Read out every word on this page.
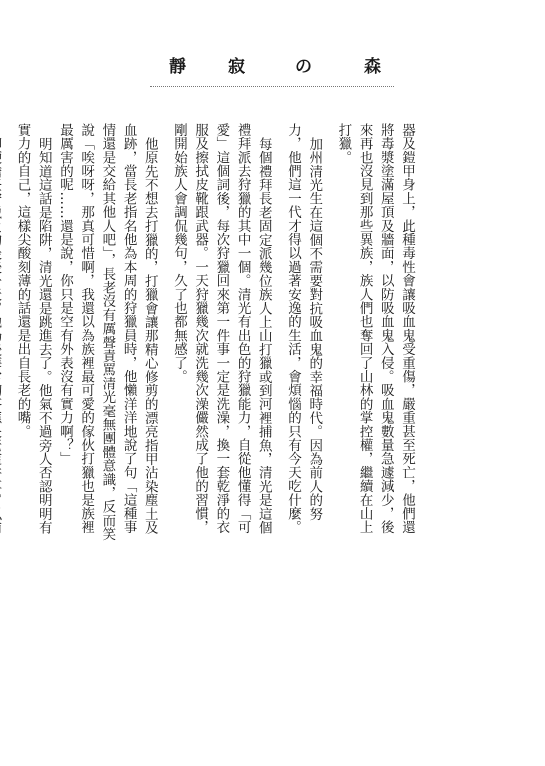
靜 寂	の	森

器及鎧甲身上，此種毒性會讓吸血鬼受重傷，嚴重甚至死亡，他們還將毒漿塗滿屋頂及牆面，以防吸血鬼入侵。吸血鬼數量急遽減少，後來再也沒見到那些異族，族人們也奪回了山林的掌控權，繼續在山上打獵。

加州清光生在這個不需要對抗吸血鬼的幸福時代。因為前人的努力，他們這一代才得以過著安逸的生活，會煩惱的只有今天吃什麼。

每個禮拜長老固定派幾位族人上山打獵或到河裡捕魚，清光是這個禮拜派去狩獵的其中一個。清光有出色的狩獵能力，自從他懂得「可愛」這個詞後，每次狩獵回來第一件事一定是洗澡，換一套乾淨的衣服及擦拭皮靴跟武器。一天狩獵幾次就洗幾次澡儼然成了他的習慣，剛開始族人會調侃幾句，久了也都無感了。

他原先不想去打獵的，打獵會讓那精心修剪的漂亮指甲沾染塵土及血跡，當長老指名他為本周的狩獵員時，他懶洋洋地說了句「這種事情還是交給其他人吧」，長老沒有厲聲責罵清光毫無團體意識，反而笑說「唉呀呀，那真可惜啊，我還以為族裡最可愛的傢伙打獵也是族裡最厲害的呢……還是說，你只是空有外表沒有實力啊？」

明知道這話是陷阱，清光還是跳進去了。他氣不過旁人否認明明有實力的自己，這樣尖酸刻薄的話還是出自長老的嘴。
